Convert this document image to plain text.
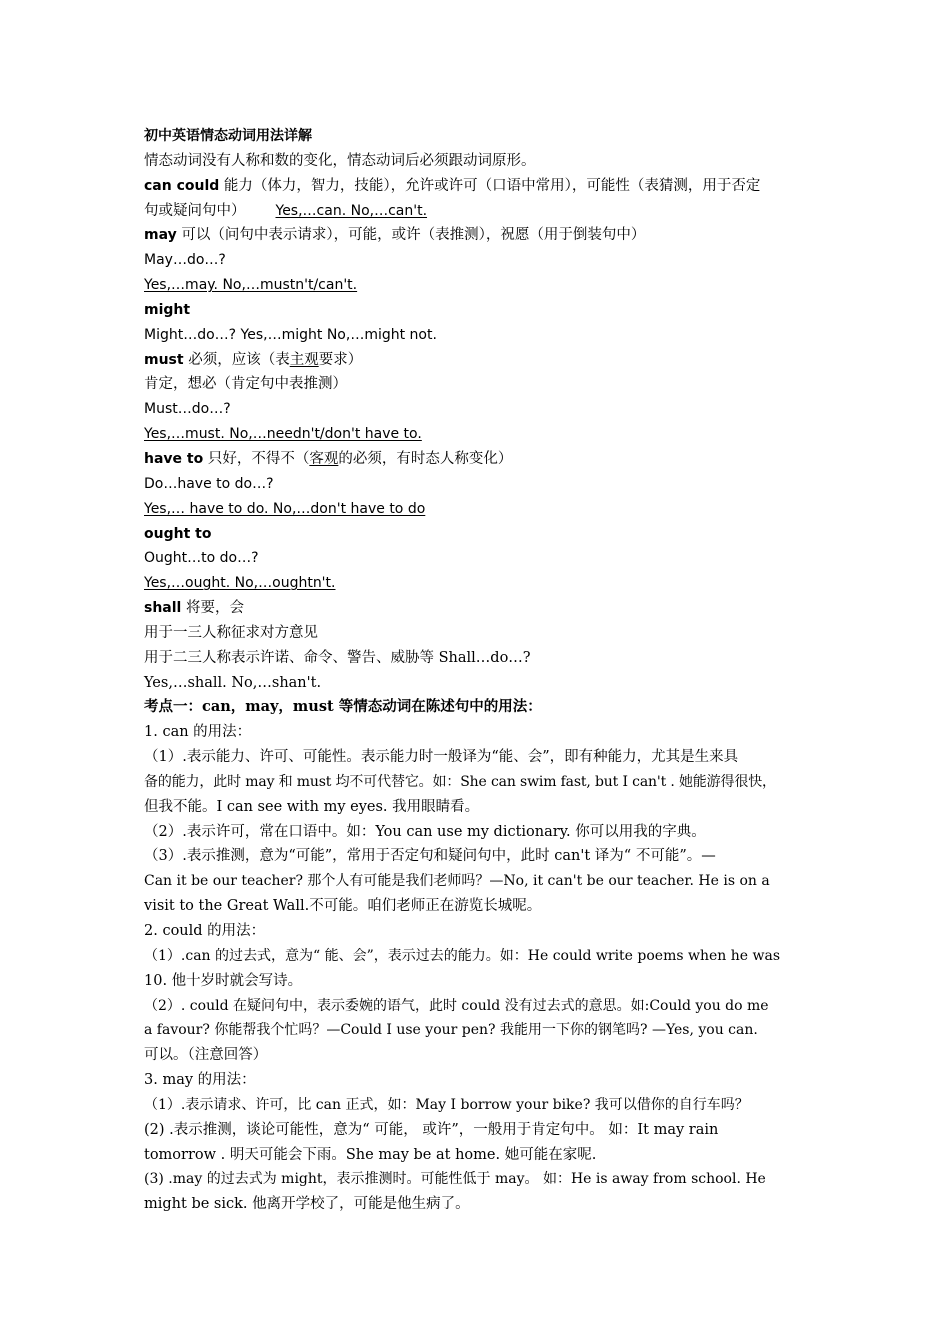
初中英语情态动词用法详解
情态动词没有人称和数的变化，情态动词后必须跟动词原形。
can could 能力（体力，智力，技能），允许或许可（口语中常用），可能性（表猜测，用于否定
句或疑问句中） Yes,…can. No,…can't.
may 可以（问句中表示请求），可能，或许（表推测），祝愿（用于倒装句中）
May…do…?
Yes,…may. No,…mustn't/can't.
might
Might…do…? Yes,…might No,…might not.
must 必须，应该（表主观要求）
肯定，想必（肯定句中表推测）
Must…do…?
Yes,…must. No,…needn't/don't have to.
have to 只好，不得不（客观的必须，有时态人称变化）
Do…have to do…?
Yes,… have to do. No,…don't have to do
ought to
Ought…to do…?
Yes,…ought. No,…oughtn't.
shall 将要，会
用于一三人称征求对方意见
用于二三人称表示许诺、命令、警告、威胁等 Shall…do…?
Yes,…shall. No,…shan't.
考点一：can，may，must 等情态动词在陈述句中的用法：
1. can 的用法：
（1）.表示能力、许可、可能性。表示能力时一般译为“能、会”，即有种能力，尤其是生来具
备的能力，此时 may 和 must 均不可代替它。如：She can swim fast, but I can't . 她能游得很快，
但我不能。I can see with my eyes. 我用眼睛看。
（2）.表示许可，常在口语中。如：You can use my dictionary. 你可以用我的字典。
（3）.表示推测，意为“可能”，常用于否定句和疑问句中，此时 can't 译为“ 不可能”。—
Can it be our teacher? 那个人有可能是我们老师吗？—No, it can't be our teacher. He is on a
visit to the Great Wall.不可能。咱们老师正在游览长城呢。
2. could 的用法：
（1）.can 的过去式，意为“ 能、会”，表示过去的能力。如：He could write poems when he was
10. 他十岁时就会写诗。
（2）. could 在疑问句中，表示委婉的语气，此时 could 没有过去式的意思。如:Could you do me
a favour? 你能帮我个忙吗？—Could I use your pen? 我能用一下你的钢笔吗? —Yes, you can.
可以。（注意回答）
3. may 的用法：
（1）.表示请求、许可，比 can 正式，如：May I borrow your bike? 我可以借你的自行车吗？
(2) .表示推测，谈论可能性，意为“ 可能， 或许”，一般用于肯定句中。 如：It may rain
tomorrow . 明天可能会下雨。She may be at home. 她可能在家呢.
(3) .may 的过去式为 might，表示推测时。可能性低于 may。 如：He is away from school. He
might be sick. 他离开学校了，可能是他生病了。
